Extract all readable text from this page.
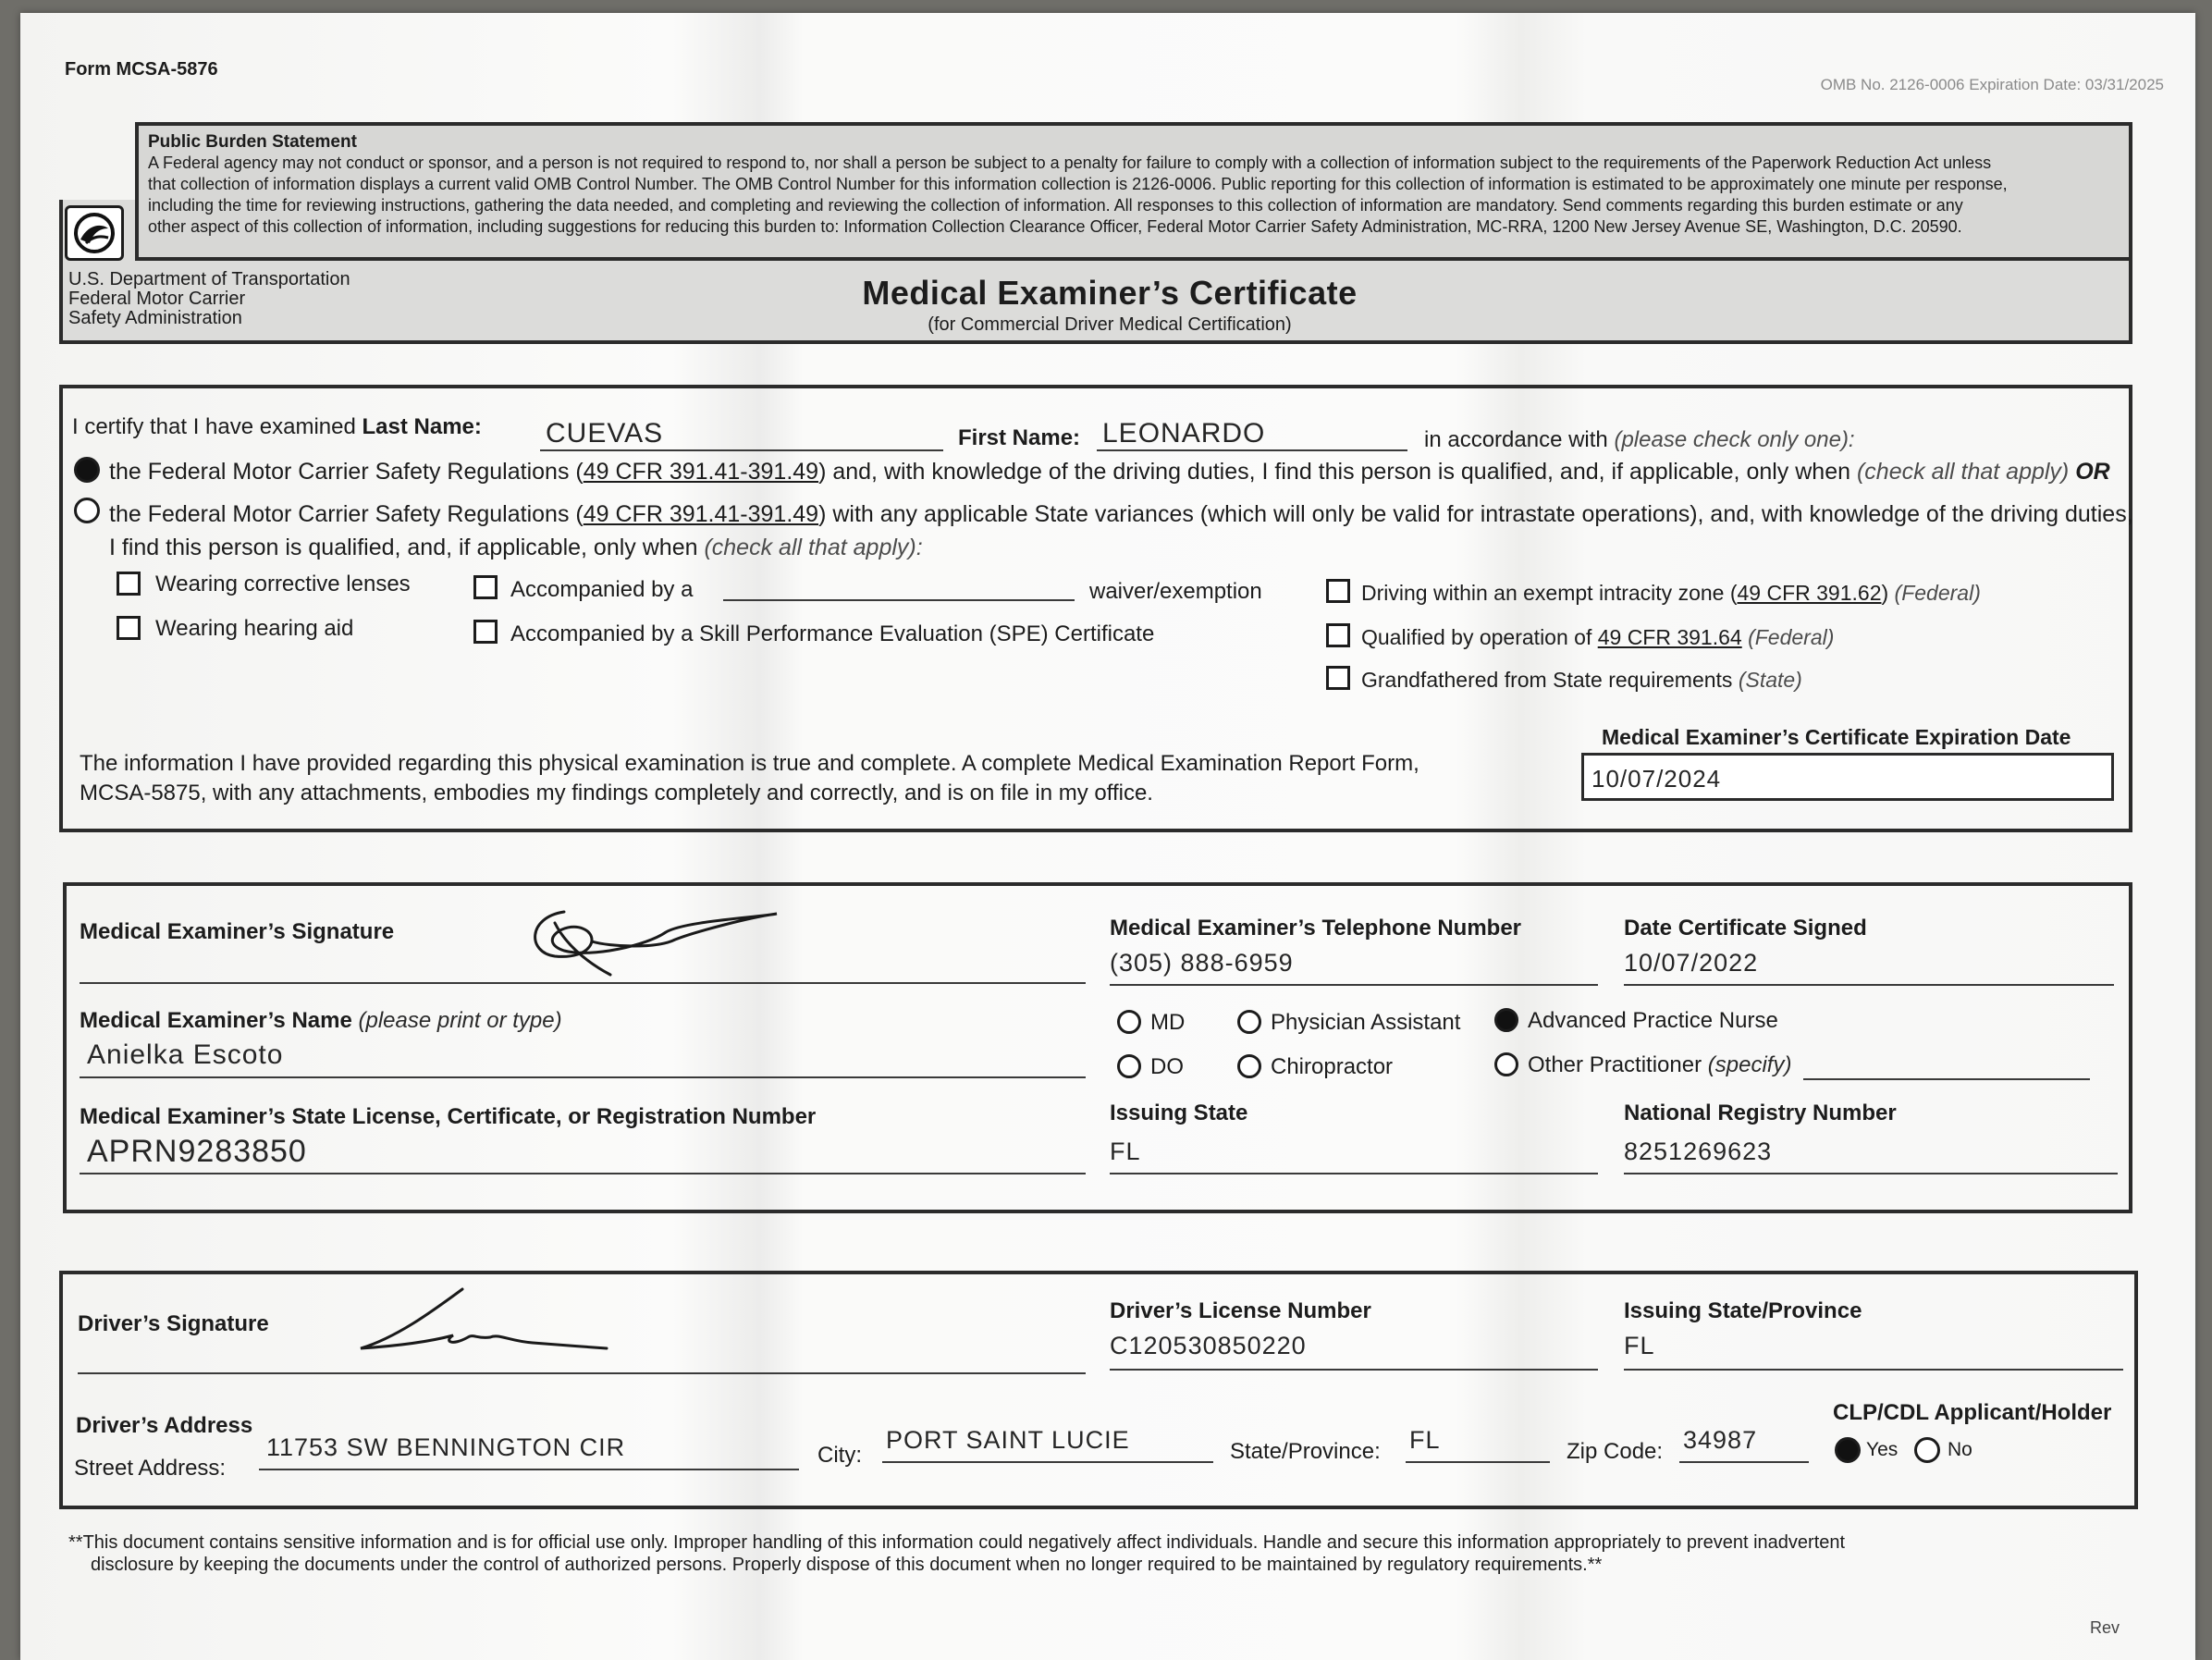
Form MCSA-5876
OMB No. 2126-0006 Expiration Date: 03/31/2025
Public Burden Statement
A Federal agency may not conduct or sponsor, and a person is not required to respond to, nor shall a person be subject to a penalty for failure to comply with a collection of information subject to the requirements of the Paperwork Reduction Act unless
that collection of information displays a current valid OMB Control Number. The OMB Control Number for this information collection is 2126-0006. Public reporting for this collection of information is estimated to be approximately one minute per response,
including the time for reviewing instructions, gathering the data needed, and completing and reviewing the collection of information. All responses to this collection of information are mandatory. Send comments regarding this burden estimate or any
other aspect of this collection of information, including suggestions for reducing this burden to: Information Collection Clearance Officer, Federal Motor Carrier Safety Administration, MC-RRA, 1200 New Jersey Avenue SE, Washington, D.C. 20590.
U.S. Department of Transportation
Federal Motor Carrier
Safety Administration
Medical Examiner’s Certificate
(for Commercial Driver Medical Certification)
I certify that I have examined Last Name: CUEVAS	First Name: LEONARDO	in accordance with (please check only one):
the Federal Motor Carrier Safety Regulations (49 CFR 391.41-391.49) and, with knowledge of the driving duties, I find this person is qualified, and, if applicable, only when (check all that apply) OR
the Federal Motor Carrier Safety Regulations (49 CFR 391.41-391.49) with any applicable State variances (which will only be valid for intrastate operations), and, with knowledge of the driving duties,
I find this person is qualified, and, if applicable, only when (check all that apply):
Wearing corrective lenses
Wearing hearing aid
Accompanied by a	waiver/exemption
Accompanied by a Skill Performance Evaluation (SPE) Certificate
Driving within an exempt intracity zone (49 CFR 391.62) (Federal)
Qualified by operation of 49 CFR 391.64 (Federal)
Grandfathered from State requirements (State)
The information I have provided regarding this physical examination is true and complete. A complete Medical Examination Report Form,
MCSA-5875, with any attachments, embodies my findings completely and correctly, and is on file in my office.
Medical Examiner’s Certificate Expiration Date
10/07/2024
Medical Examiner’s Signature	Medical Examiner’s Telephone Number
(305) 888-6959
Date Certificate Signed
10/07/2022
Medical Examiner’s Name (please print or type)
Anielka Escoto
MD
DO
Physician Assistant
Chiropractor
Advanced Practice Nurse
Other Practitioner (specify)
Medical Examiner’s State License, Certificate, or Registration Number
APRN9283850
Issuing State
FL
National Registry Number
8251269623
Driver’s Signature
Driver’s License Number
C120530850220
Issuing State/Province
FL
Driver’s Address
Street Address:
11753 SW BENNINGTON CIR	City:
PORT SAINT LUCIE	State/Province: FL	Zip Code: 34987
CLP/CDL Applicant/Holder
Yes	No
**This document contains sensitive information and is for official use only. Improper handling of this information could negatively affect individuals. Handle and secure this information appropriately to prevent inadvertent
disclosure by keeping the documents under the control of authorized persons. Properly dispose of this document when no longer required to be maintained by regulatory requirements.**
Rev
